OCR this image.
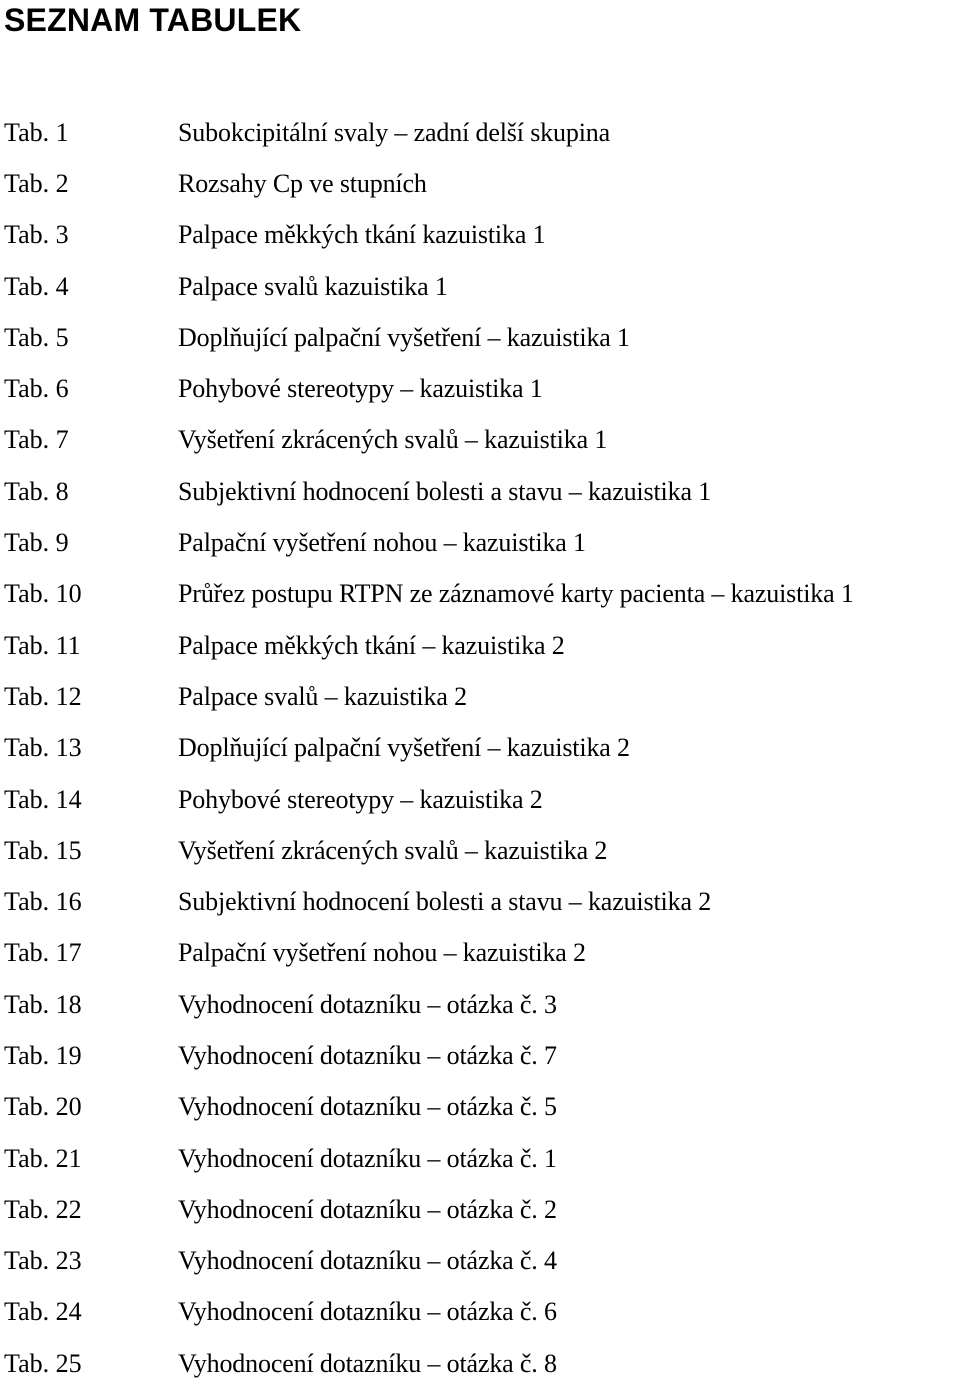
SEZNAM TABULEK
Tab. 1	Subokcipitální svaly – zadní delší skupina
Tab. 2	Rozsahy Cp ve stupních
Tab. 3	Palpace měkkých tkání kazuistika 1
Tab. 4	Palpace svalů kazuistika 1
Tab. 5	Doplňující palpační vyšetření – kazuistika 1
Tab. 6	Pohybové stereotypy – kazuistika 1
Tab. 7	Vyšetření zkrácených svalů – kazuistika 1
Tab. 8	Subjektivní hodnocení bolesti a stavu – kazuistika 1
Tab. 9	Palpační vyšetření nohou – kazuistika 1
Tab. 10	Průřez postupu RTPN ze záznamové karty pacienta – kazuistika 1
Tab. 11	Palpace měkkých tkání – kazuistika 2
Tab. 12	Palpace svalů – kazuistika 2
Tab. 13	Doplňující palpační vyšetření – kazuistika 2
Tab. 14	Pohybové stereotypy – kazuistika 2
Tab. 15	Vyšetření zkrácených svalů – kazuistika 2
Tab. 16	Subjektivní hodnocení bolesti a stavu – kazuistika 2
Tab. 17	Palpační vyšetření nohou – kazuistika 2
Tab. 18	Vyhodnocení dotazníku – otázka č. 3
Tab. 19	Vyhodnocení dotazníku – otázka č. 7
Tab. 20	Vyhodnocení dotazníku – otázka č. 5
Tab. 21	Vyhodnocení dotazníku – otázka č. 1
Tab. 22	Vyhodnocení dotazníku – otázka č. 2
Tab. 23	Vyhodnocení dotazníku – otázka č. 4
Tab. 24	Vyhodnocení dotazníku – otázka č. 6
Tab. 25	Vyhodnocení dotazníku – otázka č. 8
